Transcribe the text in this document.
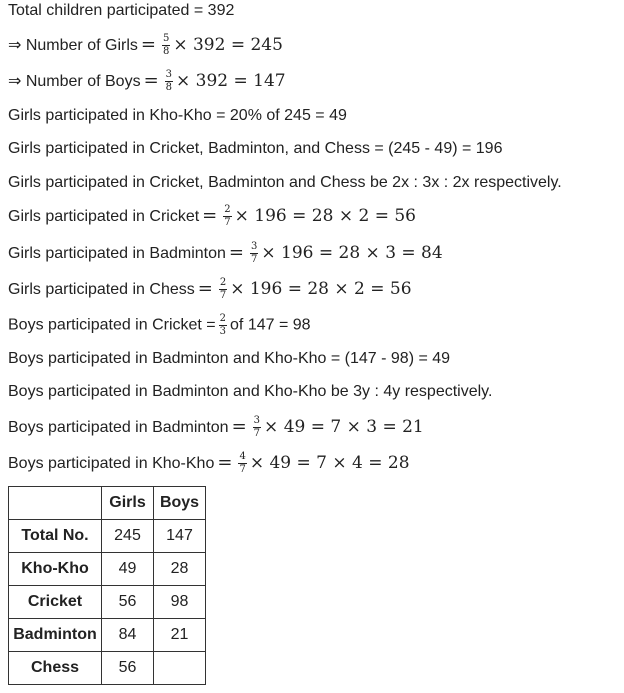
Total children participated = 392
⇒ Number of Girls = $\frac{5}{8} \times 392 = 245$
⇒ Number of Boys = $\frac{3}{8} \times 392 = 147$
Girls participated in Kho-Kho = 20% of 245 = 49
Girls participated in Cricket, Badminton, and Chess = (245 - 49) = 196
Girls participated in Cricket, Badminton and Chess be 2x : 3x : 2x respectively.
Girls participated in Cricket = $\frac{2}{7} \times 196 = 28 \times 2 = 56$
Girls participated in Badminton = $\frac{3}{7} \times 196 = 28 \times 3 = 84$
Girls participated in Chess = $\frac{2}{7} \times 196 = 28 \times 2 = 56$
Boys participated in Cricket = $\frac{2}{3}$ of 147 = 98
Boys participated in Badminton and Kho-Kho = (147 - 98) = 49
Boys participated in Badminton and Kho-Kho be 3y : 4y respectively.
Boys participated in Badminton = $\frac{3}{7} \times 49 = 7 \times 3 = 21$
Boys participated in $Kho-Kho = \frac{4}{7} \times 49 = 7 \times 4 = 28$
	Girls	Boys
Total No.	245	147
Kho-Kho	49	28
Cricket	56	98
Badminton	84	21
Chess	56	
